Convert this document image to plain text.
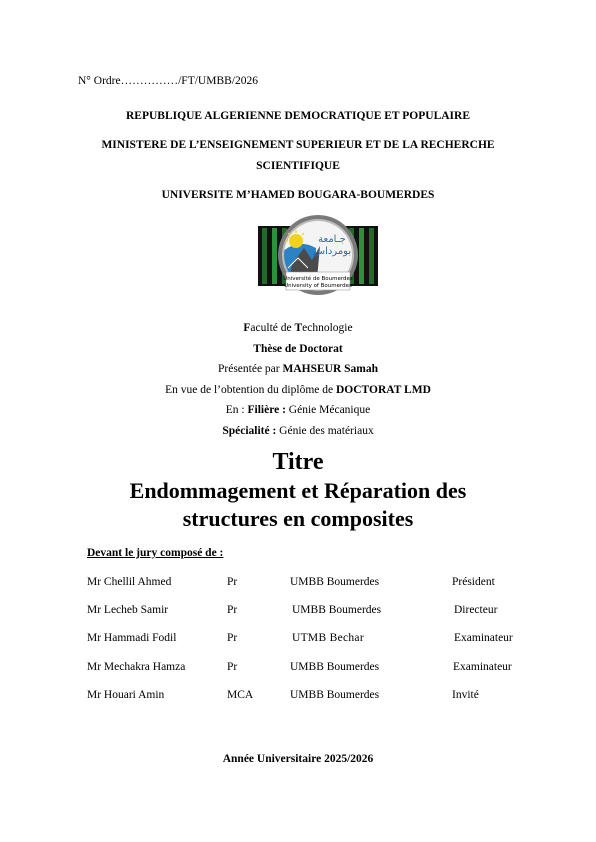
N° Ordre……………/FT/UMBB/2026
REPUBLIQUE ALGERIENNE DEMOCRATIQUE ET POPULAIRE
MINISTERE DE L’ENSEIGNEMENT SUPERIEUR ET DE LA RECHERCHE
SCIENTIFIQUE
UNIVERSITE M’HAMED BOUGARA-BOUMERDES
جـامعة
بومرداس
Université de Boumerdes
University of Boumerdes
Faculté de Technologie
Thèse de Doctorat
Présentée par MAHSEUR Samah
En vue de l’obtention du diplôme de DOCTORAT LMD
En : Filière : Génie Mécanique
Spécialité : Génie des matériaux
Titre
Endommagement et Réparation des
structures en composites
Devant le jury composé de :
Mr Chellil Ahmed	Pr	UMBB Boumerdes	Président
Mr Lecheb Samir	Pr	UMBB Boumerdes	Directeur
Mr Hammadi Fodil	Pr	UTMB Bechar	Examinateur
Mr Mechakra Hamza	Pr	UMBB Boumerdes	Examinateur
Mr Houari Amin	MCA	UMBB Boumerdes	Invité
Année Universitaire 2025/2026
